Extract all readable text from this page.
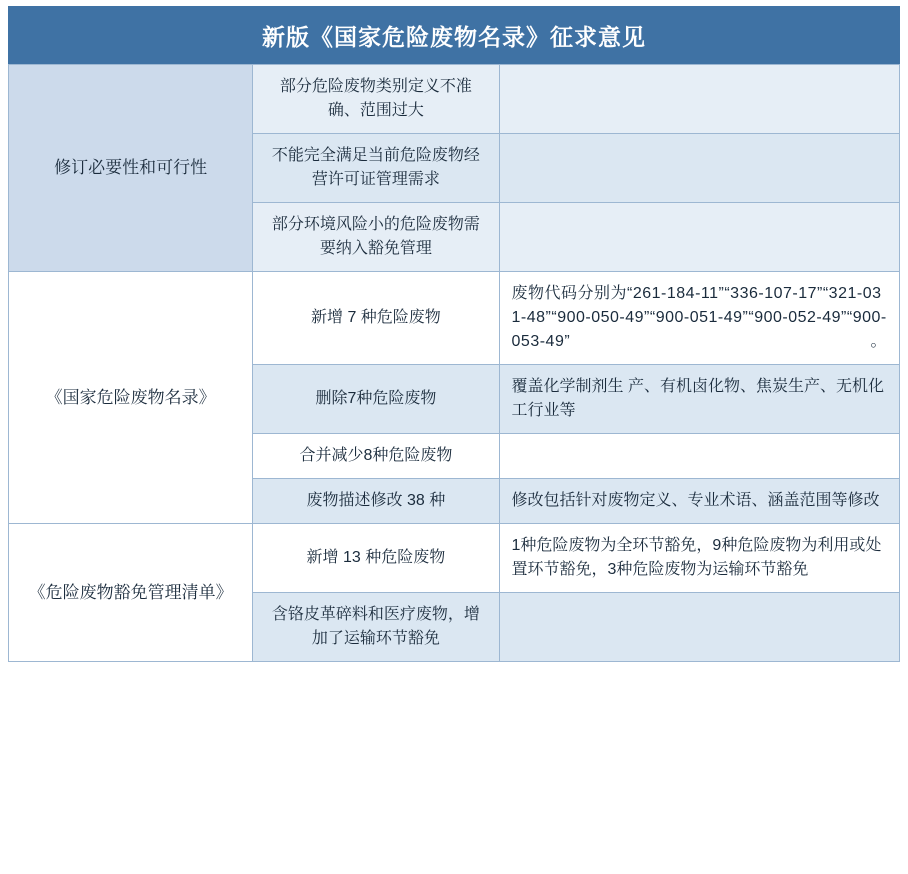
新版《国家危险废物名录》征求意见
修订必要性和可行性	部分危险废物类别定义不准确、范围过大	
	不能完全满足当前危险废物经营许可证管理需求	
	部分环境风险小的危险废物需要纳入豁免管理	
《国家危险废物名录》	新增 7 种危险废物	废物代码分别为“261-184-11”“336-107-17”“321-031-48”“900-050-49”“900-051-49”“900-052-49”“900-053-49”。
	删除7种危险废物	覆盖化学制剂生 产、有机卤化物、焦炭生产、无机化工行业等
	合并减少8种危险废物	
	废物描述修改 38 种	修改包括针对废物定义、专业术语、涵盖范围等修改
《危险废物豁免管理清单》	新增 13 种危险废物	1种危险废物为全环节豁免，9种危险废物为利用或处置环节豁免，3种危险废物为运输环节豁免
	含铬皮革碎料和医疗废物，增加了运输环节豁免	
Hb 环保在线 兴旺宝旗下
www.hbzhan.com
